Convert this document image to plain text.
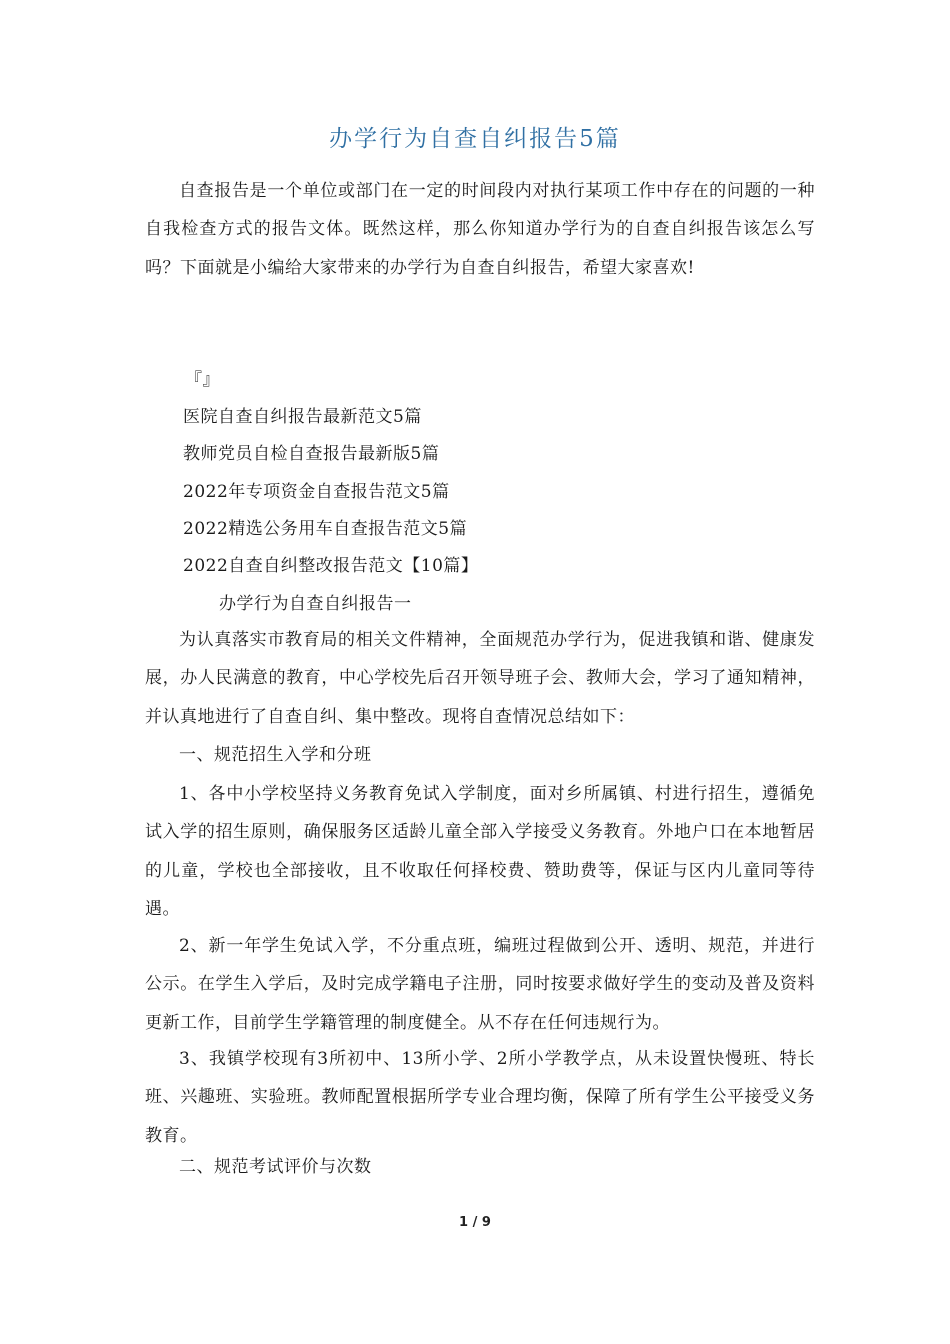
办学行为自查自纠报告5篇

自查报告是一个单位或部门在一定的时间段内对执行某项工作中存在的问题的一种自我检查方式的报告文体。既然这样，那么你知道办学行为的自查自纠报告该怎么写吗？下面就是小编给大家带来的办学行为自查自纠报告，希望大家喜欢!

『』

医院自查自纠报告最新范文5篇

教师党员自检自查报告最新版5篇

2022年专项资金自查报告范文5篇

2022精选公务用车自查报告范文5篇

2022自查自纠整改报告范文【10篇】

办学行为自查自纠报告一

为认真落实市教育局的相关文件精神，全面规范办学行为，促进我镇和谐、健康发展，办人民满意的教育，中心学校先后召开领导班子会、教师大会，学习了通知精神，并认真地进行了自查自纠、集中整改。现将自查情况总结如下：

一、规范招生入学和分班

1、各中小学校坚持义务教育免试入学制度，面对乡所属镇、村进行招生，遵循免试入学的招生原则，确保服务区适龄儿童全部入学接受义务教育。外地户口在本地暂居的儿童，学校也全部接收，且不收取任何择校费、赞助费等，保证与区内儿童同等待遇。

2、新一年学生免试入学，不分重点班，编班过程做到公开、透明、规范，并进行公示。在学生入学后，及时完成学籍电子注册，同时按要求做好学生的变动及普及资料更新工作，目前学生学籍管理的制度健全。从不存在任何违规行为。

3、我镇学校现有3所初中、13所小学、2所小学教学点，从未设置快慢班、特长班、兴趣班、实验班。教师配置根据所学专业合理均衡，保障了所有学生公平接受义务教育。

二、规范考试评价与次数

1 / 9
